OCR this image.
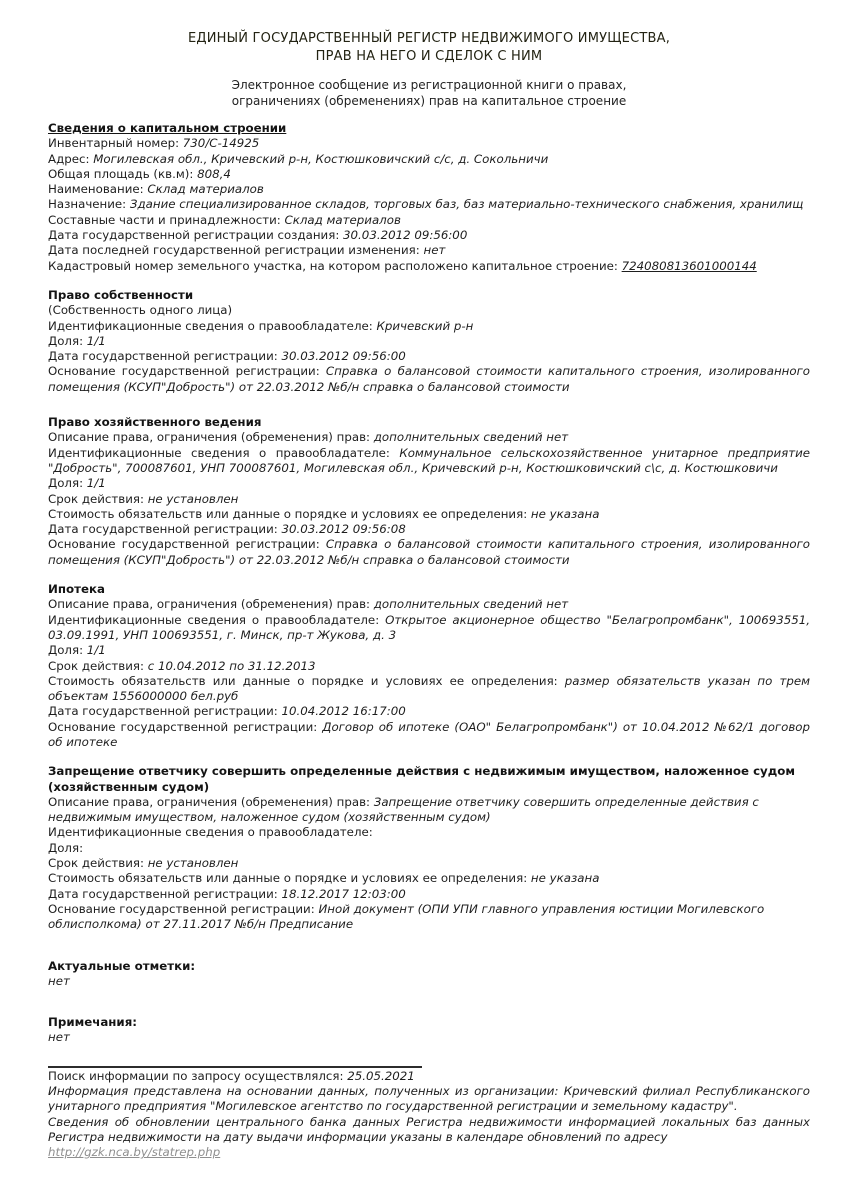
ЕДИНЫЙ ГОСУДАРСТВЕННЫЙ РЕГИСТР НЕДВИЖИМОГО ИМУЩЕСТВА,
ПРАВ НА НЕГО И СДЕЛОК С НИМ
Электронное сообщение из регистрационной книги о правах,
ограничениях (обременениях) прав на капитальное строение
Сведения о капитальном строении

Инвентарный номер: 730/С-14925

Адрес: Могилевская обл., Кричевский р-н, Костюшковичский с/с, д. Сокольничи

Общая площадь (кв.м): 808,4

Наименование: Склад материалов

Назначение: Здание специализированное складов, торговых баз, баз материально-технического снабжения, хранилищ

Составные части и принадлежности: Склад материалов

Дата государственной регистрации создания: 30.03.2012 09:56:00

Дата последней государственной регистрации изменения: нет

Кадастровый номер земельного участка, на котором расположено капитальное строение: 724080813601000144

Право собственности

(Собственность одного лица)

Идентификационные сведения о правообладателе: Кричевский р-н

Доля: 1/1

Дата государственной регистрации: 30.03.2012 09:56:00

Основание государственной регистрации: Справка о балансовой стоимости капитального строения, изолированного помещения (КСУП"Добрость") от 22.03.2012 №б/н справка о балансовой стоимости

Право хозяйственного ведения

Описание права, ограничения (обременения) прав: дополнительных сведений нет

Идентификационные сведения о правообладателе: Коммунальное сельскохозяйственное унитарное предприятие "Добрость", 700087601, УНП 700087601, Могилевская обл., Кричевский р-н, Костюшковичский с\с, д. Костюшковичи

Доля: 1/1

Срок действия: не установлен

Стоимость обязательств или данные о порядке и условиях ее определения: не указана

Дата государственной регистрации: 30.03.2012 09:56:08

Основание государственной регистрации: Справка о балансовой стоимости капитального строения, изолированного помещения (КСУП"Добрость") от 22.03.2012 №б/н справка о балансовой стоимости

Ипотека

Описание права, ограничения (обременения) прав: дополнительных сведений нет

Идентификационные сведения о правообладателе: Открытое акционерное общество "Белагропромбанк", 100693551, 03.09.1991, УНП 100693551, г. Минск, пр-т Жукова, д. 3

Доля: 1/1

Срок действия: с 10.04.2012 по 31.12.2013

Стоимость обязательств или данные о порядке и условиях ее определения: размер обязательств указан по трем объектам 1556000000 бел.руб

Дата государственной регистрации: 10.04.2012 16:17:00

Основание государственной регистрации: Договор об ипотеке (ОАО" Белагропромбанк") от 10.04.2012 №62/1 договор об ипотеке

Запрещение ответчику совершить определенные действия с недвижимым имуществом, наложенное судом (хозяйственным судом)

Описание права, ограничения (обременения) прав: Запрещение ответчику совершить определенные действия с недвижимым имуществом, наложенное судом (хозяйственным судом)

Идентификационные сведения о правообладателе:

Доля:

Срок действия: не установлен

Стоимость обязательств или данные о порядке и условиях ее определения: не указана

Дата государственной регистрации: 18.12.2017 12:03:00

Основание государственной регистрации: Иной документ (ОПИ УПИ главного управления юстиции Могилевского облисполкома) от 27.11.2017 №б/н Предписание

Актуальные отметки:

нет

Примечания:

нет

Поиск информации по запросу осуществлялся: 25.05.2021

Информация представлена на основании данных, полученных из организации: Кричевский филиал Республиканского унитарного предприятия "Могилевское агентство по государственной регистрации и земельному кадастру".

Сведения об обновлении центрального банка данных Регистра недвижимости информацией локальных баз данных Регистра недвижимости на дату выдачи информации указаны в календаре обновлений по адресу

http://gzk.nca.by/statrep.php
